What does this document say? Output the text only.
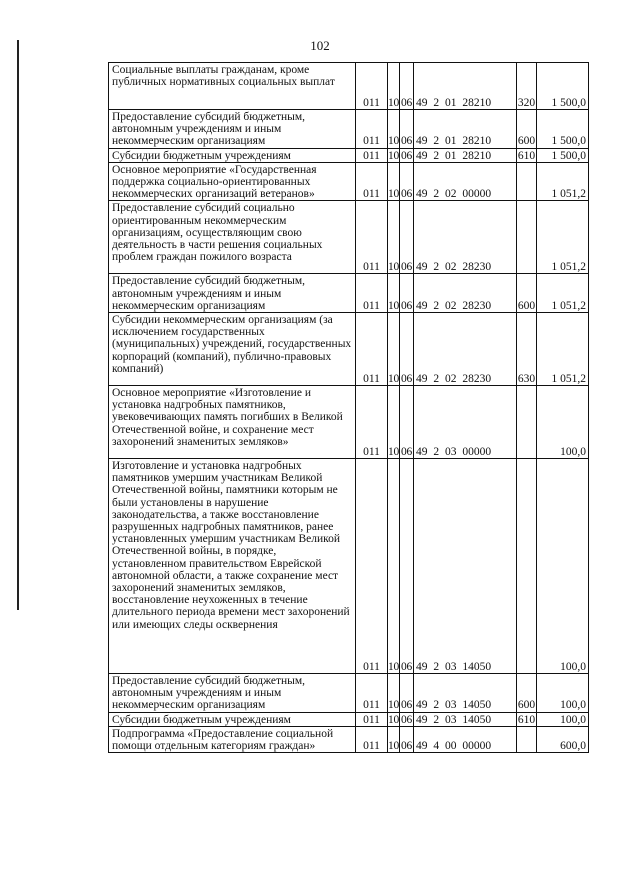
102
Социальные выплаты гражданам, кроме публичных нормативных социальных выплат	011	10	06	49 2 01 28210	320	1 500,0
Предоставление субсидий бюджетным, автономным учреждениям и иным некоммерческим организациям	011	10	06	49 2 01 28210	600	1 500,0
Субсидии бюджетным учреждениям	011	10	06	49 2 01 28210	610	1 500,0
Основное мероприятие «Государственная поддержка социально-ориентированных некоммерческих организаций ветеранов»	011	10	06	49 2 02 00000		1 051,2
Предоставление субсидий социально ориентированным некоммерческим организациям, осуществляющим свою деятельность в части решения социальных проблем граждан пожилого возраста	011	10	06	49 2 02 28230		1 051,2
Предоставление субсидий бюджетным, автономным учреждениям и иным некоммерческим организациям	011	10	06	49 2 02 28230	600	1 051,2
Субсидии некоммерческим организациям (за исключением государственных (муниципальных) учреждений, государственных корпораций (компаний), публично-правовых компаний)	011	10	06	49 2 02 28230	630	1 051,2
Основное мероприятие «Изготовление и установка надгробных памятников, увековечивающих память погибших в Великой Отечественной войне, и сохранение мест захоронений знаменитых земляков»	011	10	06	49 2 03 00000		100,0
Изготовление и установка надгробных памятников умершим участникам Великой Отечественной войны, памятники которым не были установлены в нарушение законодательства, а также восстановление разрушенных надгробных памятников, ранее установленных умершим участникам Великой Отечественной войны, в порядке, установленном правительством Еврейской автономной области, а также сохранение мест захоронений знаменитых земляков, восстановление неухоженных в течение длительного периода времени мест захоронений или имеющих следы осквернения	011	10	06	49 2 03 14050		100,0
Предоставление субсидий бюджетным, автономным учреждениям и иным некоммерческим организациям	011	10	06	49 2 03 14050	600	100,0
Субсидии бюджетным учреждениям	011	10	06	49 2 03 14050	610	100,0
Подпрограмма «Предоставление социальной помощи отдельным категориям граждан»	011	10	06	49 4 00 00000		600,0
